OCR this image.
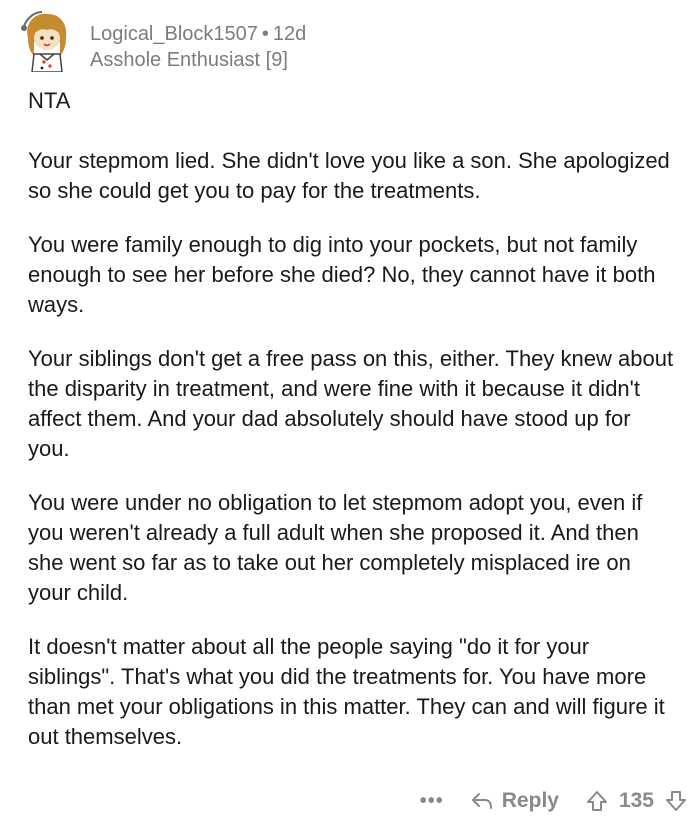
Logical_Block1507 • 12d
Asshole Enthusiast [9]

NTA

Your stepmom lied. She didn't love you like a son. She apologized so she could get you to pay for the treatments.

You were family enough to dig into your pockets, but not family enough to see her before she died? No, they cannot have it both ways.

Your siblings don't get a free pass on this, either. They knew about the disparity in treatment, and were fine with it because it didn't affect them. And your dad absolutely should have stood up for you.

You were under no obligation to let stepmom adopt you, even if you weren't already a full adult when she proposed it. And then she went so far as to take out her completely misplaced ire on your child.

It doesn't matter about all the people saying "do it for your siblings". That's what you did the treatments for. You have more than met your obligations in this matter. They can and will figure it out themselves.

•••	Reply	135
